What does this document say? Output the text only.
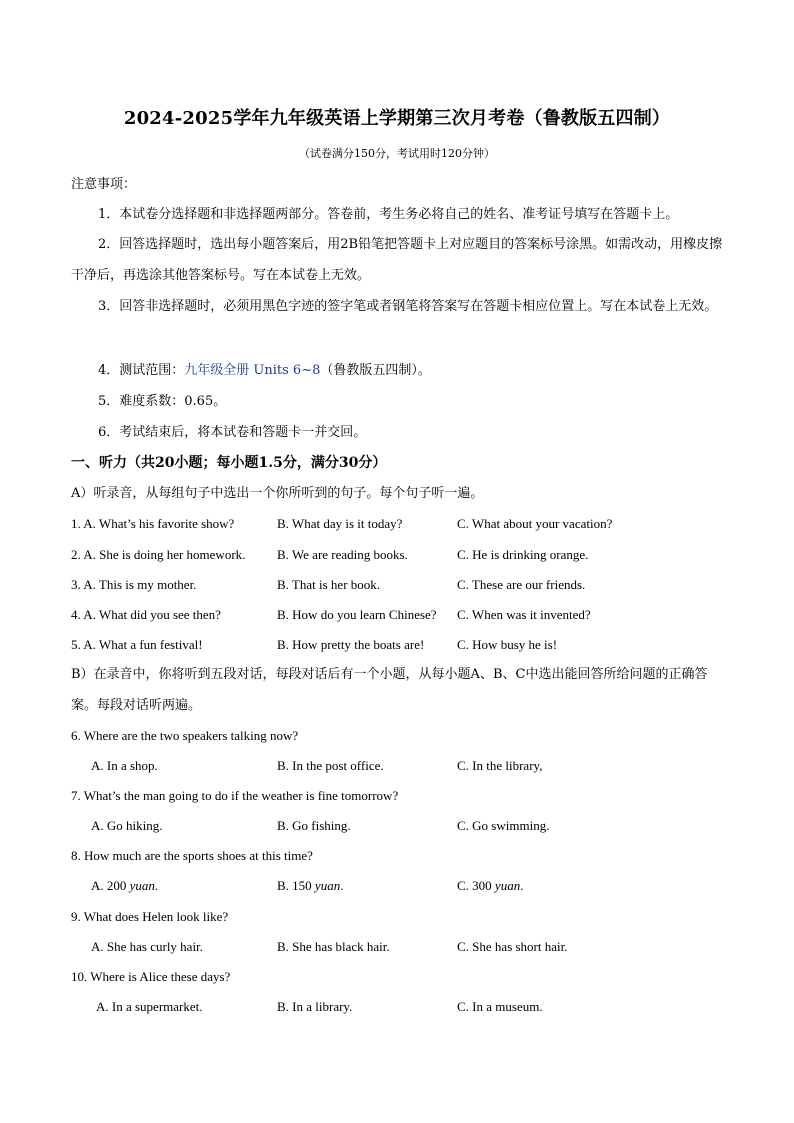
2024-2025学年九年级英语上学期第三次月考卷（鲁教版五四制）
（试卷满分150分，考试用时120分钟）
注意事项：
1．本试卷分选择题和非选择题两部分。答卷前，考生务必将自己的姓名、准考证号填写在答题卡上。
2．回答选择题时，选出每小题答案后，用2B铅笔把答题卡上对应题目的答案标号涂黑。如需改动，用橡皮擦干净后，再选涂其他答案标号。写在本试卷上无效。
3．回答非选择题时，必须用黑色字迹的签字笔或者钢笔将答案写在答题卡相应位置上。写在本试卷上无效。
4．测试范围：九年级全册 Units 6~8（鲁教版五四制）。
5．难度系数：0.65。
6．考试结束后，将本试卷和答题卡一并交回。
一、听力（共20小题；每小题1.5分，满分30分）
A）听录音，从每组句子中选出一个你所听到的句子。每个句子听一遍。
1. A. What’s his favorite show?	B. What day is it today?	C. What about your vacation?
2. A. She is doing her homework. B. We are reading books.	C. He is drinking orange.
3. A. This is my mother.	B. That is her book.	C. These are our friends.
4. A. What did you see then?	B. How do you learn Chinese? C. When was it invented?
5. A. What a fun festival!	B. How pretty the boats are!	C. How busy he is!
B）在录音中，你将听到五段对话，每段对话后有一个小题，从每小题A、B、C中选出能回答所给问题的正确答案。每段对话听两遍。
6. Where are the two speakers talking now?
A. In a shop.	B. In the post office.	C. In the library,
7. What’s the man going to do if the weather is fine tomorrow?
A. Go hiking.	B. Go fishing.	C. Go swimming.
8. How much are the sports shoes at this time?
A. 200 yuan.	B. 150 yuan.	C. 300 yuan.
9. What does Helen look like?
A. She has curly hair.	B. She has black hair.	C. She has short hair.
10. Where is Alice these days?
A. In a supermarket.	B. In a library.	C. In a museum.
